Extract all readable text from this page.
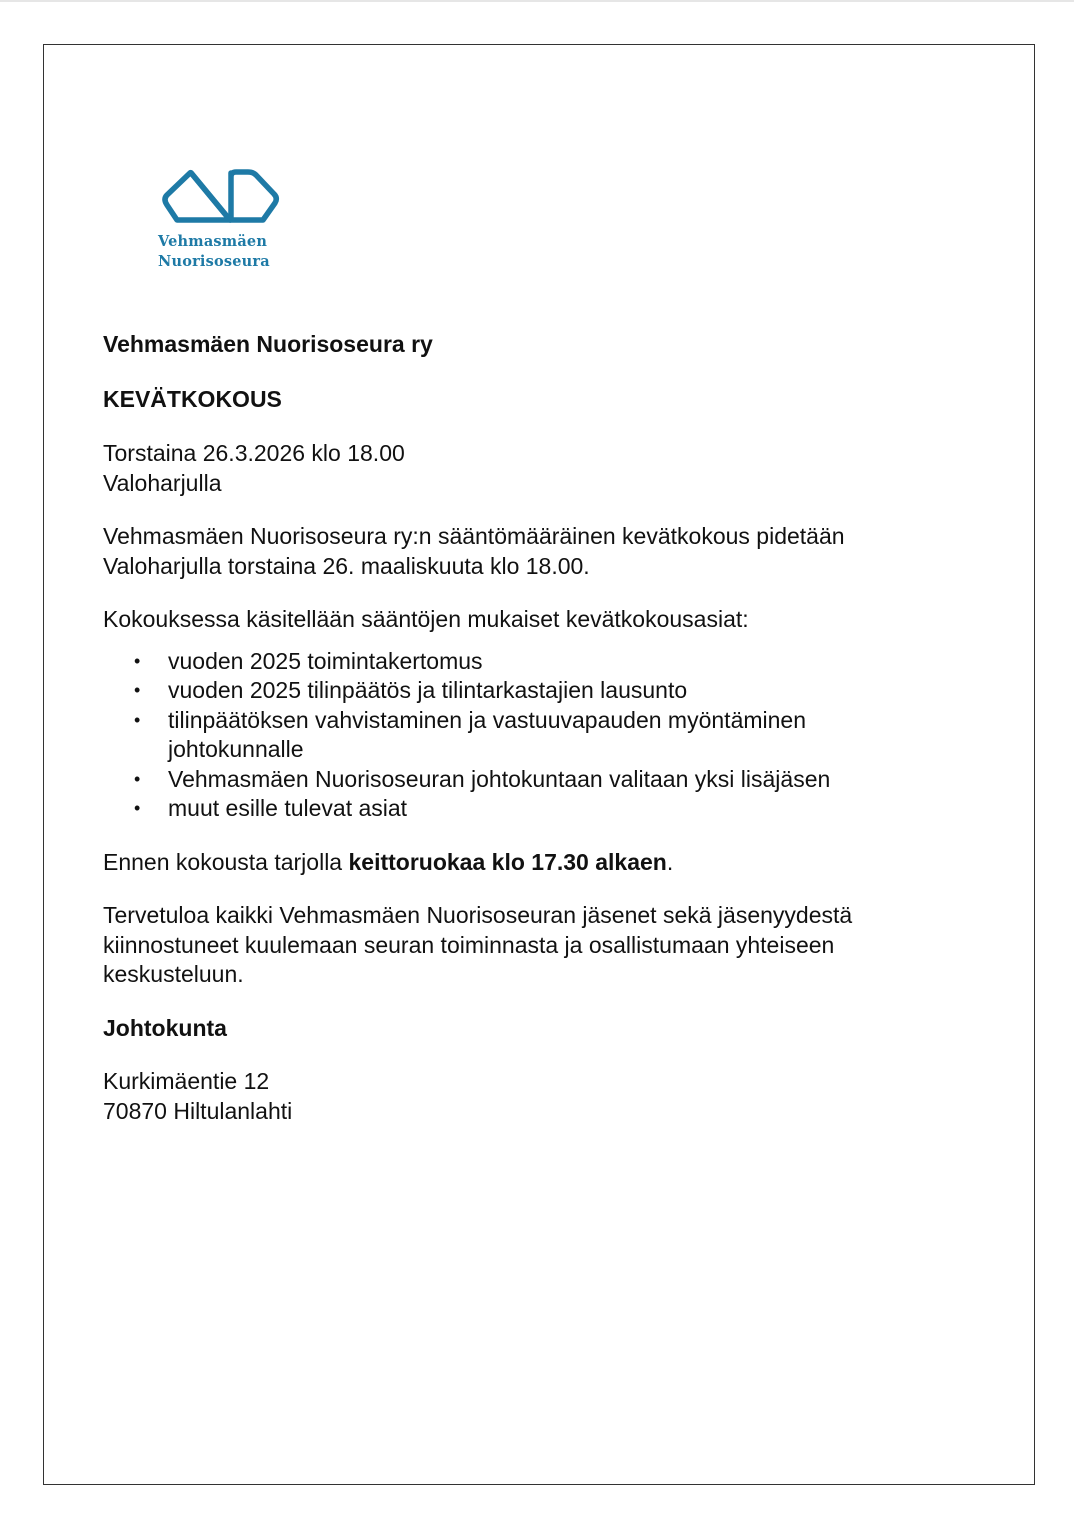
Vehmasmäen
Nuorisoseura

Vehmasmäen Nuorisoseura ry

KEVÄTKOKOUS

Torstaina 26.3.2026 klo 18.00

Valoharjulla

Vehmasmäen Nuorisoseura ry:n sääntömääräinen kevätkokous pidetään

Valoharjulla torstaina 26. maaliskuuta klo 18.00.

Kokouksessa käsitellään sääntöjen mukaiset kevätkokousasiat:

• vuoden 2025 toimintakertomus
• vuoden 2025 tilinpäätös ja tilintarkastajien lausunto
• tilinpäätöksen vahvistaminen ja vastuuvapauden myöntäminen
johtokunnalle
• Vehmasmäen Nuorisoseuran johtokuntaan valitaan yksi lisäjäsen
• muut esille tulevat asiat

Ennen kokousta tarjolla keittoruokaa klo 17.30 alkaen.

Tervetuloa kaikki Vehmasmäen Nuorisoseuran jäsenet sekä jäsenyydestä

kiinnostuneet kuulemaan seuran toiminnasta ja osallistumaan yhteiseen

keskusteluun.

Johtokunta

Kurkimäentie 12

70870 Hiltulanlahti
